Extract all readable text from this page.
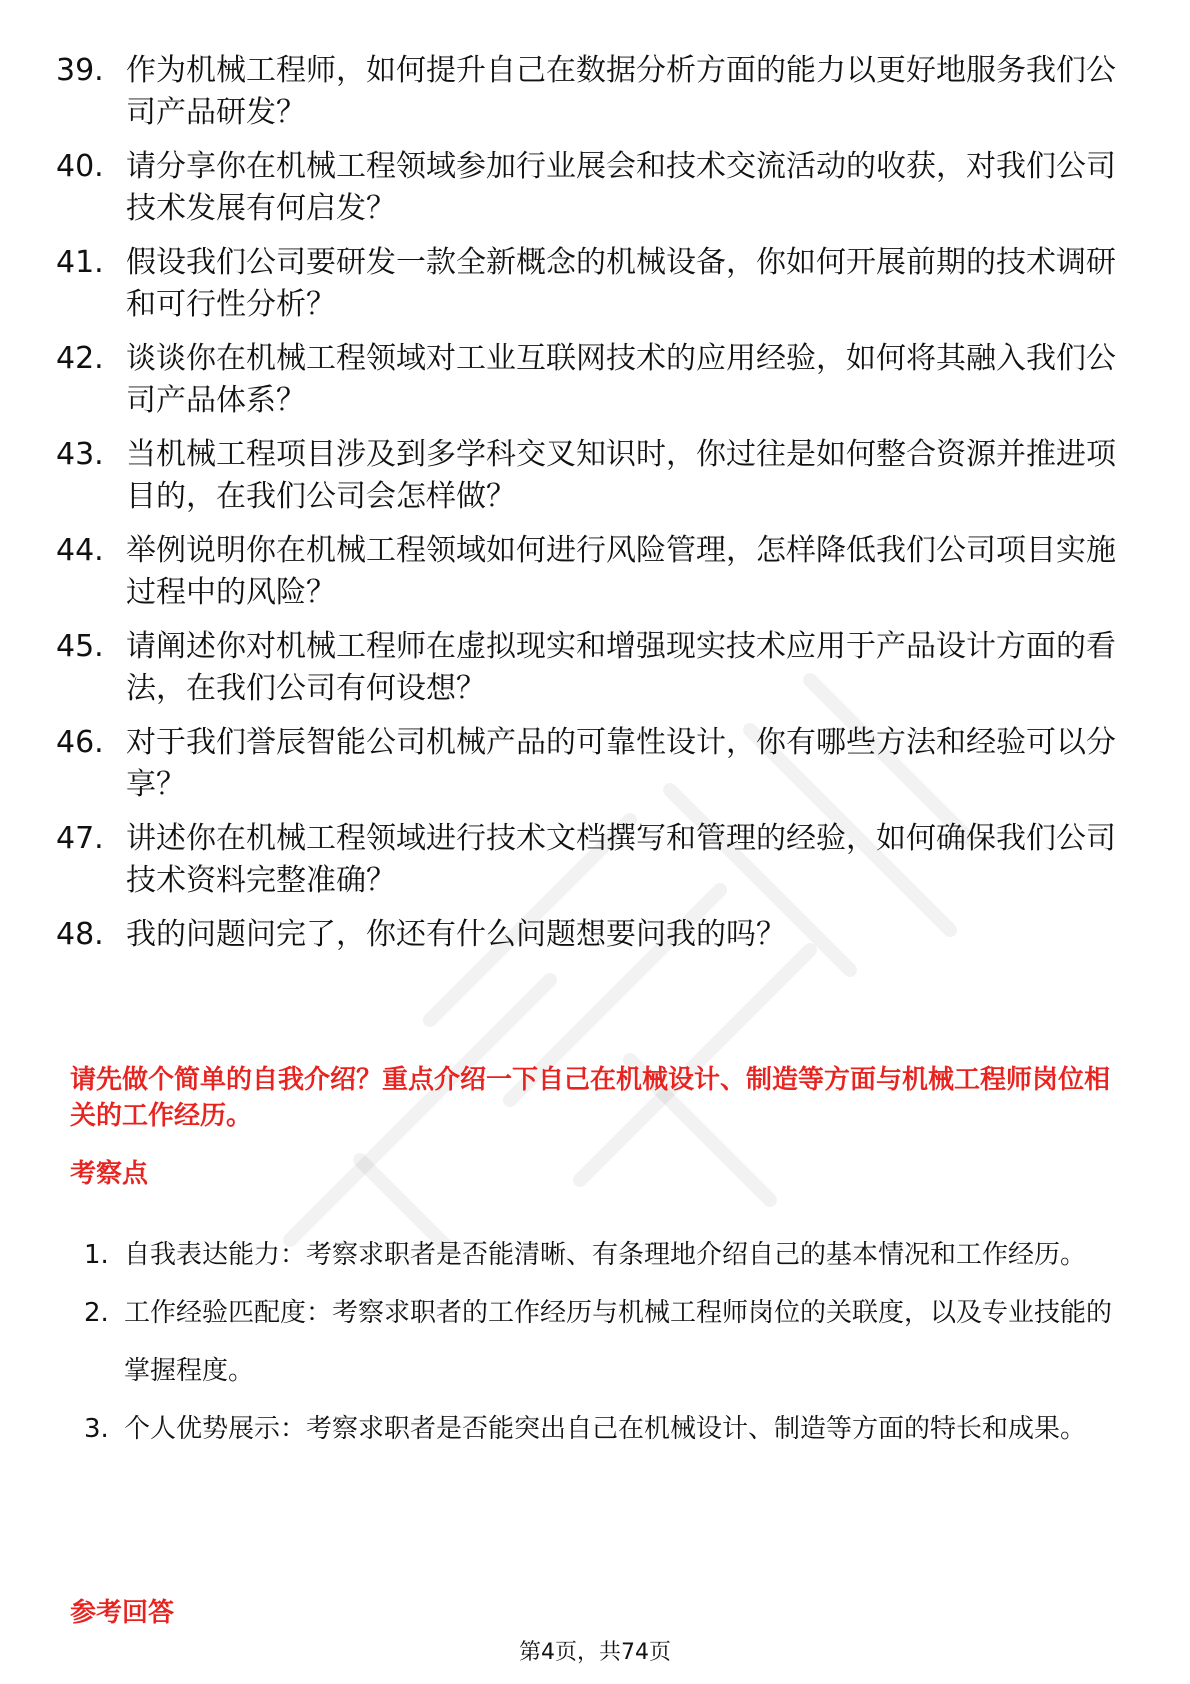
39. 作为机械工程师，如何提升自己在数据分析方面的能力以更好地服务我们公司产品研发？
40. 请分享你在机械工程领域参加行业展会和技术交流活动的收获，对我们公司技术发展有何启发？
41. 假设我们公司要研发一款全新概念的机械设备，你如何开展前期的技术调研和可行性分析？
42. 谈谈你在机械工程领域对工业互联网技术的应用经验，如何将其融入我们公司产品体系？
43. 当机械工程项目涉及到多学科交叉知识时，你过往是如何整合资源并推进项目的，在我们公司会怎样做？
44. 举例说明你在机械工程领域如何进行风险管理，怎样降低我们公司项目实施过程中的风险？
45. 请阐述你对机械工程师在虚拟现实和增强现实技术应用于产品设计方面的看法，在我们公司有何设想？
46. 对于我们誉辰智能公司机械产品的可靠性设计，你有哪些方法和经验可以分享？
47. 讲述你在机械工程领域进行技术文档撰写和管理的经验，如何确保我们公司技术资料完整准确？
48. 我的问题问完了，你还有什么问题想要问我的吗？
请先做个简单的自我介绍？重点介绍一下自己在机械设计、制造等方面与机械工程师岗位相关的工作经历。
考察点
1. 自我表达能力：考察求职者是否能清晰、有条理地介绍自己的基本情况和工作经历。
2. 工作经验匹配度：考察求职者的工作经历与机械工程师岗位的关联度，以及专业技能的掌握程度。
3. 个人优势展示：考察求职者是否能突出自己在机械设计、制造等方面的特长和成果。
参考回答
第4页，共74页
